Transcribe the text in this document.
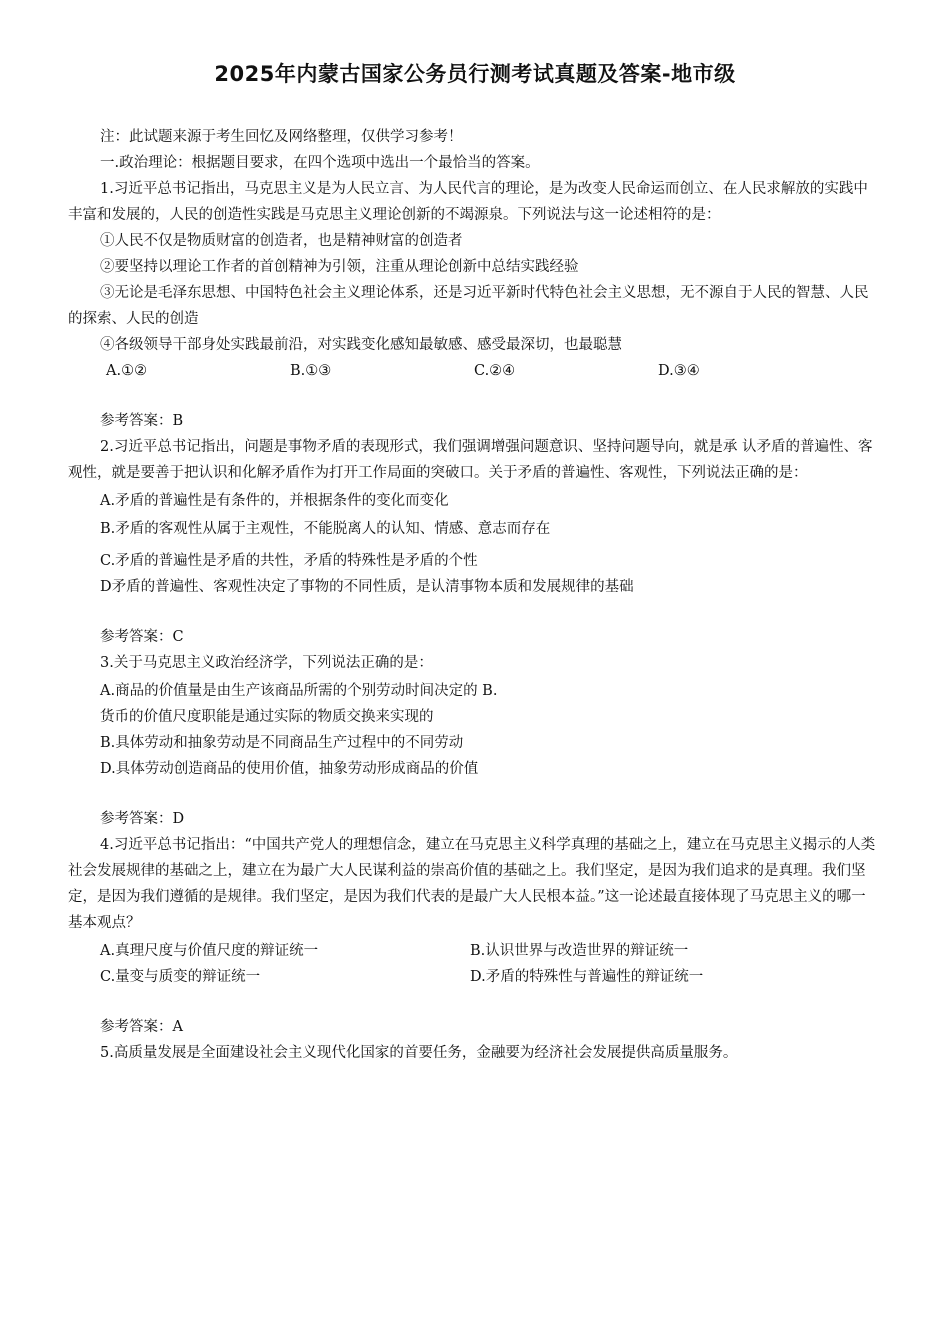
2025年内蒙古国家公务员行测考试真题及答案-地市级

注：此试题来源于考生回忆及网络整理，仅供学习参考！

一.政治理论：根据题目要求，在四个选项中选出一个最恰当的答案。

1.习近平总书记指出，马克思主义是为人民立言、为人民代言的理论，是为改变人民命运而创立、在人民求解放的实践中丰富和发展的，人民的创造性实践是马克思主义理论创新的不竭源泉。下列说法与这一论述相符的是：

①人民不仅是物质财富的创造者，也是精神财富的创造者

②要坚持以理论工作者的首创精神为引领，注重从理论创新中总结实践经验

③无论是毛泽东思想、中国特色社会主义理论体系，还是习近平新时代特色社会主义思想，无不源自于人民的智慧、人民的探索、人民的创造

④各级领导干部身处实践最前沿，对实践变化感知最敏感、感受最深切，也最聪慧

A.①②	B.①③	C.②④	D.③④

参考答案：B

2.习近平总书记指出，问题是事物矛盾的表现形式，我们强调增强问题意识、坚持问题导向，就是承 认矛盾的普遍性、客观性，就是要善于把认识和化解矛盾作为打开工作局面的突破口。关于矛盾的普遍性、客观性，下列说法正确的是：

A.矛盾的普遍性是有条件的，并根据条件的变化而变化

B.矛盾的客观性从属于主观性，不能脱离人的认知、情感、意志而存在

C.矛盾的普遍性是矛盾的共性，矛盾的特殊性是矛盾的个性

D矛盾的普遍性、客观性决定了事物的不同性质，是认清事物本质和发展规律的基础

参考答案：C

3.关于马克思主义政治经济学，下列说法正确的是：

A.商品的价值量是由生产该商品所需的个别劳动时间决定的 B.

货币的价值尺度职能是通过实际的物质交换来实现的

B.具体劳动和抽象劳动是不同商品生产过程中的不同劳动

D.具体劳动创造商品的使用价值，抽象劳动形成商品的价值

参考答案：D

4.习近平总书记指出：“中国共产党人的理想信念，建立在马克思主义科学真理的基础之上，建立在马克思主义揭示的人类社会发展规律的基础之上，建立在为最广大人民谋利益的崇高价值的基础之上。我们坚定，是因为我们追求的是真理。我们坚定，是因为我们遵循的是规律。我们坚定，是因为我们代表的是最广大人民根本益。”这一论述最直接体现了马克思主义的哪一基本观点？

A.真理尺度与价值尺度的辩证统一	B.认识世界与改造世界的辩证统一
C.量变与质变的辩证统一	D.矛盾的特殊性与普遍性的辩证统一

参考答案：A

5.高质量发展是全面建设社会主义现代化国家的首要任务，金融要为经济社会发展提供高质量服务。
